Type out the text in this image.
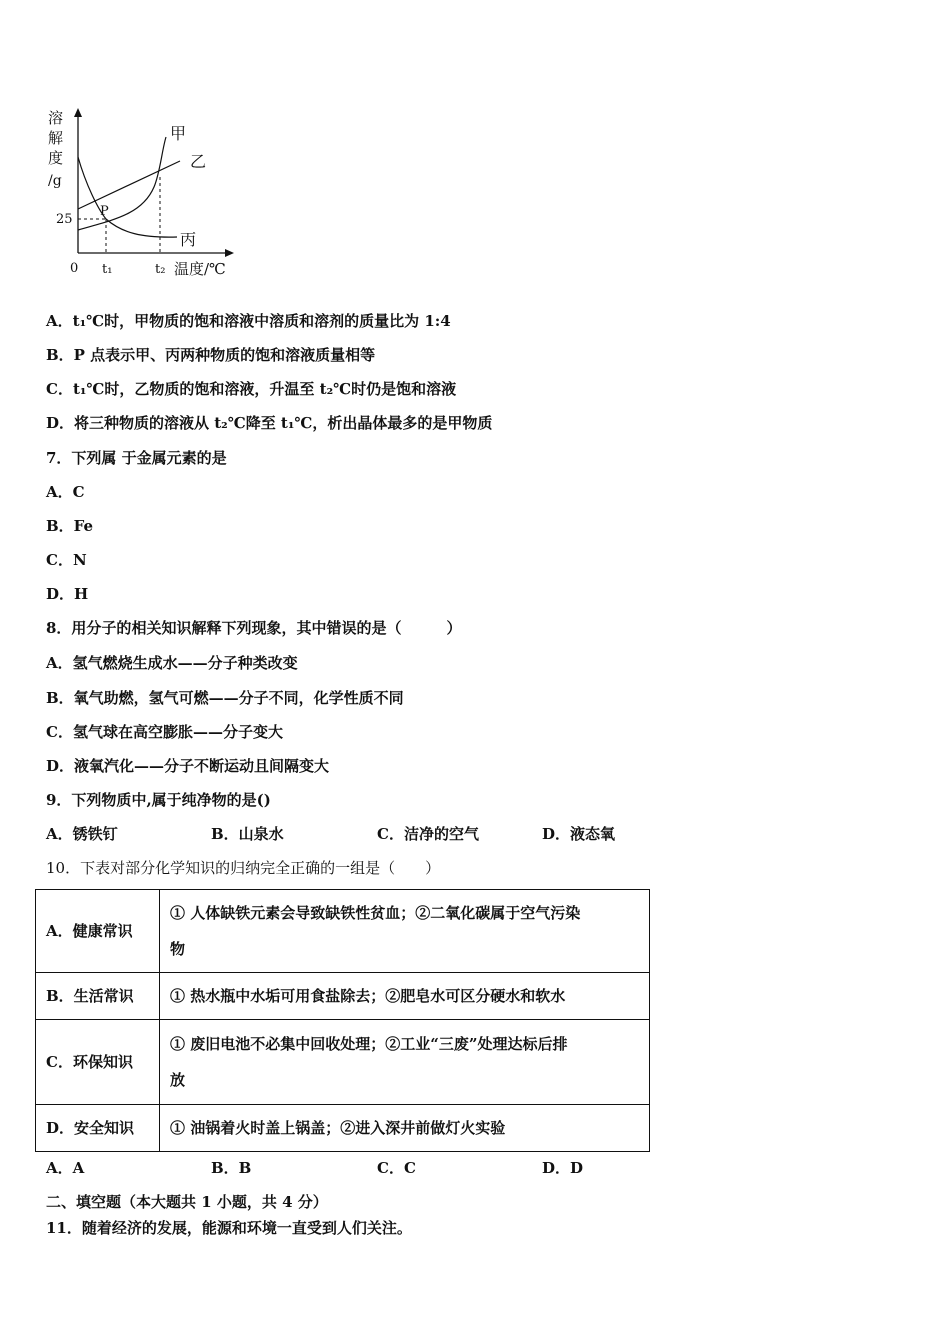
溶
解
度
/g
25
0 t₁	t₂ 温度/℃
P
甲
乙
丙
A．t₁℃时，甲物质的饱和溶液中溶质和溶剂的质量比为 1:4
B．P 点表示甲、丙两种物质的饱和溶液质量相等
C．t₁℃时，乙物质的饱和溶液，升温至 t₂℃时仍是饱和溶液
D．将三种物质的溶液从 t₂℃降至 t₁℃，析出晶体最多的是甲物质
7．下列属 于金属元素的是
A．C
B．Fe
C．N
D．H
8．用分子的相关知识解释下列现象，其中错误的是（　　　）
A．氢气燃烧生成水——分子种类改变
B．氧气助燃，氢气可燃——分子不同，化学性质不同
C．氢气球在高空膨胀——分子变大
D．液氧汽化——分子不断运动且间隔变大
9．下列物质中,属于纯净物的是()
A．锈铁钉	B．山泉水	C．洁净的空气	D．液态氧
10．下表对部分化学知识的归纳完全正确的一组是（　　）
A．健康常识	① 人体缺铁元素会导致缺铁性贫血；②二氧化碳属于空气污染
物
B．生活常识	① 热水瓶中水垢可用食盐除去；②肥皂水可区分硬水和软水
C．环保知识	① 废旧电池不必集中回收处理；②工业“三废”处理达标后排
放
D．安全知识	① 油锅着火时盖上锅盖；②进入深井前做灯火实验
A．A	B．B	C．C	D．D
二、填空题（本大题共 1 小题，共 4 分）
11．随着经济的发展，能源和环境一直受到人们关注。
